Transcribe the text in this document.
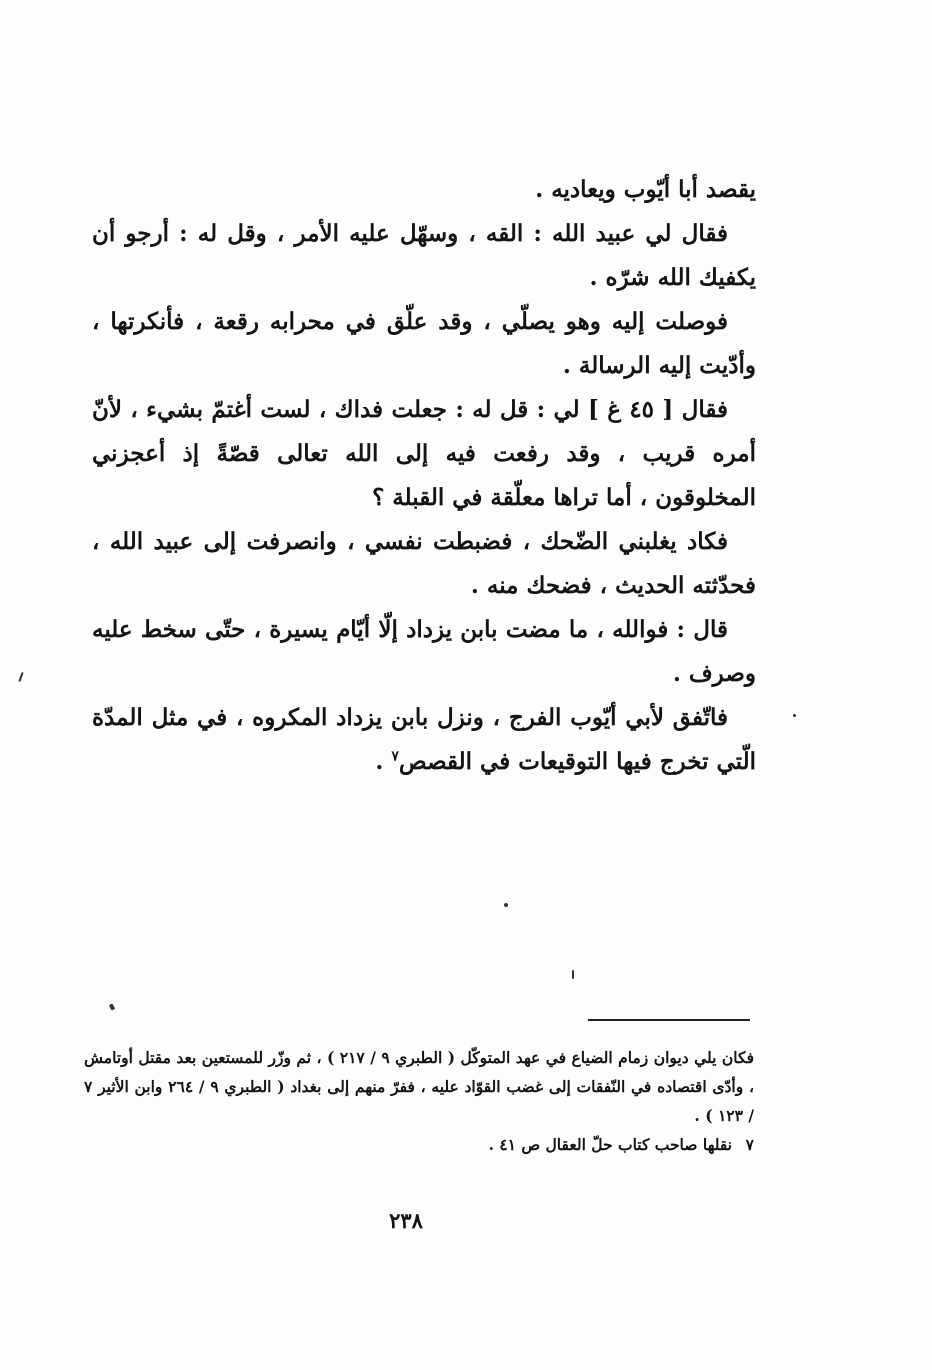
يقصد أبا أيّوب ويعاديه .

فقال لي عبيد الله : القه ، وسهّل عليه الأمر ، وقل له : أرجو أن يكفيك الله شرّه .

فوصلت إليه وهو يصلّي ، وقد علّق في محرابه رقعة ، فأنكرتها ، وأدّيت إليه الرسالة .

فقال [ ٤٥ غ ] لي : قل له : جعلت فداك ، لست أغتمّ بشيء ، لأنّ أمره قريب ، وقد رفعت فيه إلى الله تعالى قصّةً إذ أعجزني المخلوقون ، أما تراها معلّقة في القبلة ؟

فكاد يغلبني الضّحك ، فضبطت نفسي ، وانصرفت إلى عبيد الله ، فحدّثته الحديث ، فضحك منه .

قال : فوالله ، ما مضت بابن يزداد إلّا أيّام يسيرة ، حتّى سخط عليه وصرف .

فاتّفق لأبي أيّوب الفرج ، ونزل بابن يزداد المكروه ، في مثل المدّة الّتي تخرج فيها التوقيعات في القصص$^٧$ .

فكان يلي ديوان زمام الضياع في عهد المتوكّل ( الطبري ٩ / ٢١٧ ) ، ثم وزّر للمستعين بعد مقتل أوتامش ، وأدّى اقتصاده في النّفقات إلى غضب القوّاد عليه ، ففرّ منهم إلى بغداد ( الطبري ٩ / ٢٦٤ وابن الأثير ٧ / ١٢٣ ) .

٧نقلها صاحب كتاب حلّ العقال ص ٤١ .

٢٣٨
